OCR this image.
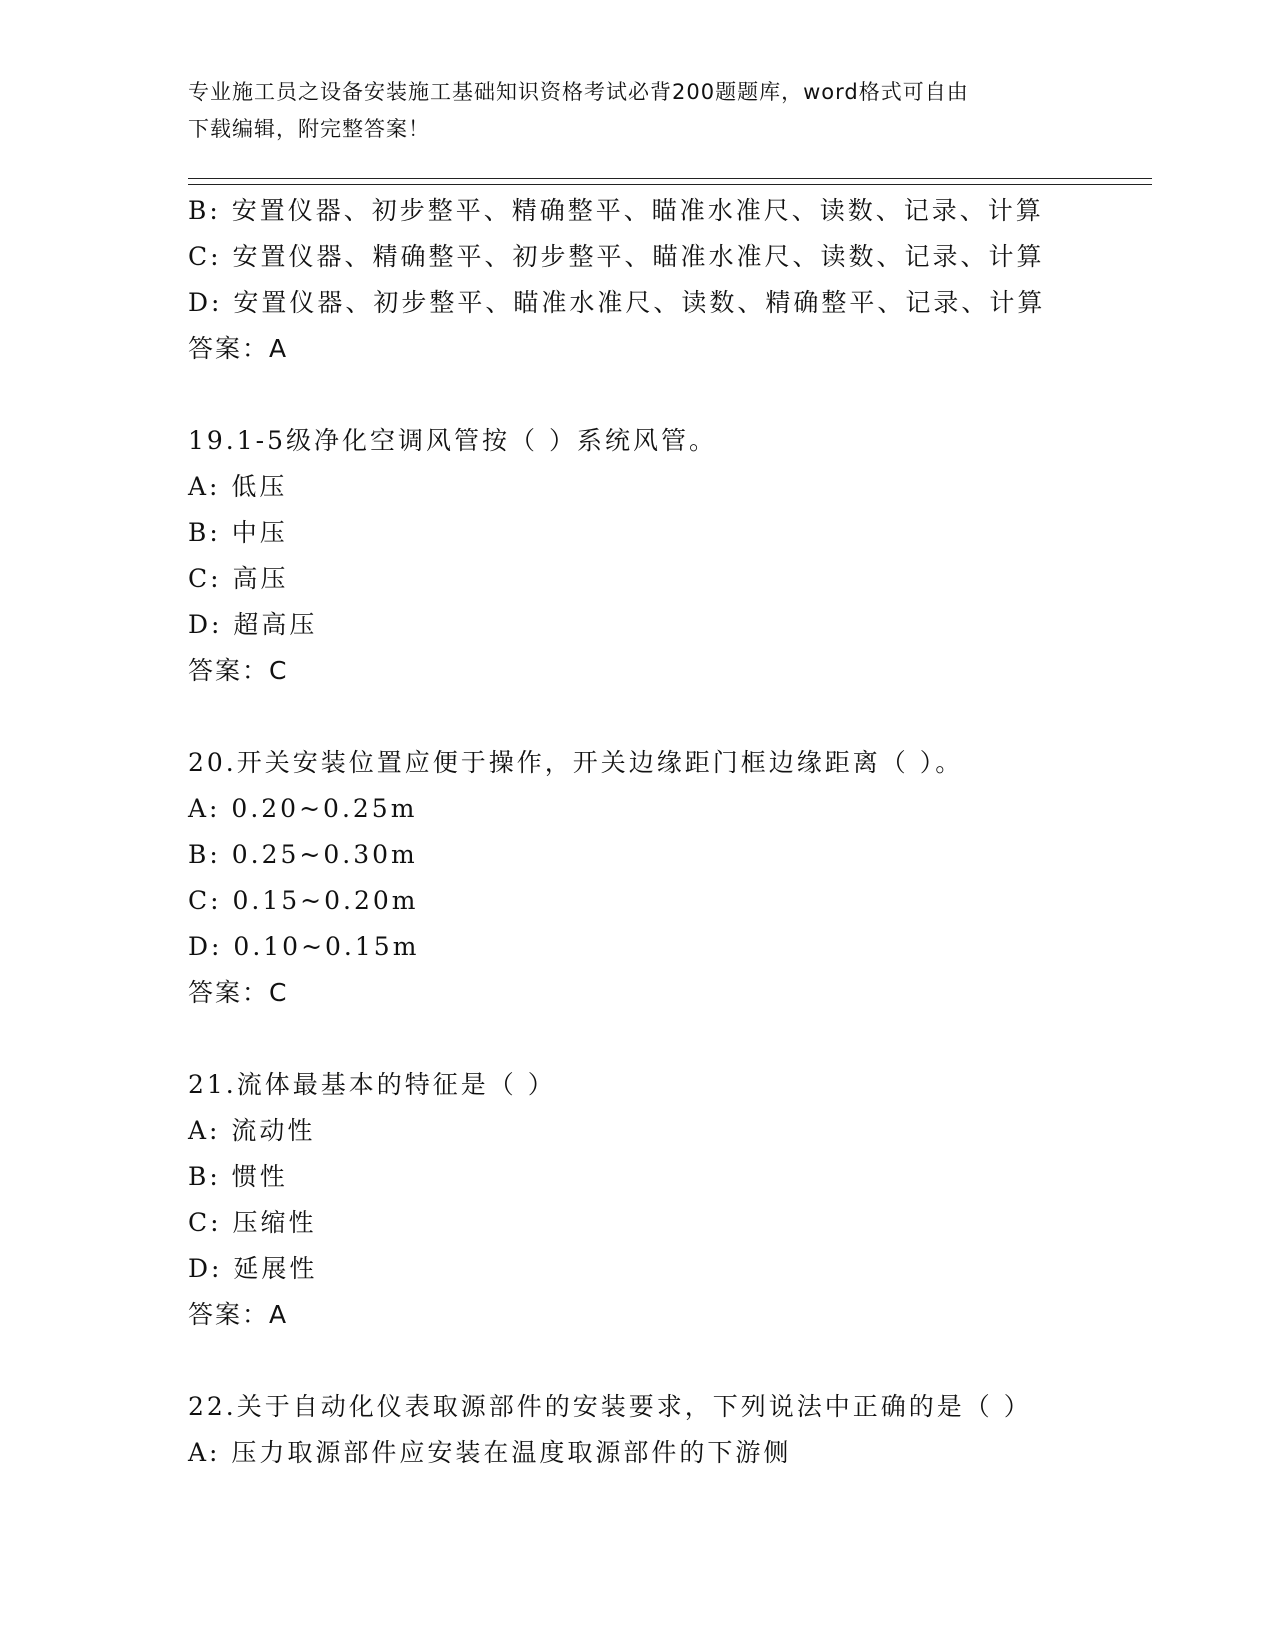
专业施工员之设备安装施工基础知识资格考试必背200题题库，word格式可自由
下载编辑，附完整答案！
B: 安置仪器、初步整平、精确整平、瞄准水准尺、读数、记录、计算
C: 安置仪器、精确整平、初步整平、瞄准水准尺、读数、记录、计算
D: 安置仪器、初步整平、瞄准水准尺、读数、精确整平、记录、计算
答案：A
19.1-5级净化空调风管按（ ）系统风管。
A: 低压
B: 中压
C: 高压
D: 超高压
答案：C
20.开关安装位置应便于操作，开关边缘距门框边缘距离（ ）。
A: 0.20~0.25m
B: 0.25~0.30m
C: 0.15~0.20m
D: 0.10~0.15m
答案：C
21.流体最基本的特征是（ ）
A: 流动性
B: 惯性
C: 压缩性
D: 延展性
答案：A
22.关于自动化仪表取源部件的安装要求，下列说法中正确的是（ ）
A: 压力取源部件应安装在温度取源部件的下游侧
